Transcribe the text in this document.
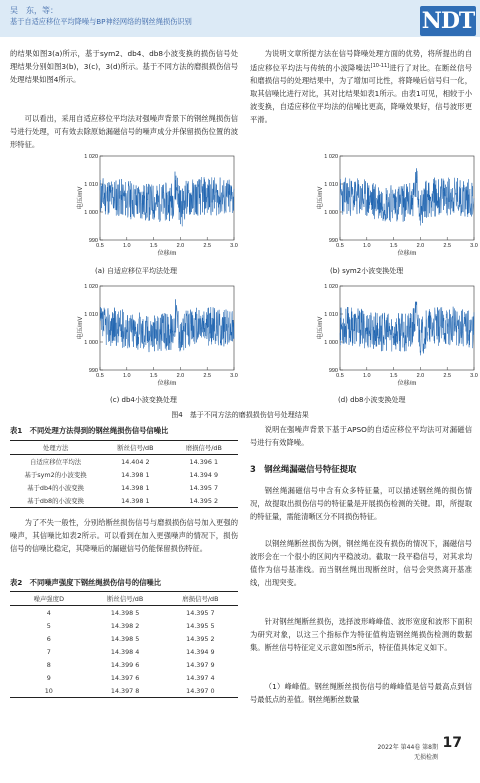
吴　东，等：
基于自适应移位平均降噪与BP神经网络的钢丝绳损伤识别	NDT
的结果如图3(a)所示，基于sym2、db4、db8小波变换的损伤信号处理结果分别如图3(b)，3(c)，3(d)所示。基于不同方法的磨损损伤信号处理结果如图4所示。
可以看出，采用自适应移位平均法对强噪声背景下的钢丝绳损伤信号进行处理，可有效去除原始漏磁信号的噪声成分并保留损伤位置的波形特征。
为说明文章所提方法在信号降噪处理方面的优势，将所提出的自适应移位平均法与传统的小波降噪法[10-11]进行了对比。在断丝信号和磨损信号的处理结果中，为了增加可比性，将降噪后信号归一化，取其信噪比进行对比，其对比结果如表1所示。由表1可见，相较于小波变换，自适应移位平均法的信噪比更高，降噪效果好，信号波形更平滑。
1 020
1 010
1 000
990
0.5	1.0	1.5	2.0	2.5	3.0
电压/mV
位移/m
1 020
1 010
1 000
990
0.5	1.0	1.5	2.0	2.5	3.0
电压/mV
位移/m
1 020
1 010
1 000
990
0.5	1.0	1.5	2.0	2.5	3.0
电压/mV
位移/m
1 020
1 010
1 000
990
0.5	1.0	1.5	2.0	2.5	3.0
电压/mV
位移/m
(a) 自适应移位平均法处理	(b) sym2小波变换处理
(c) db4小波变换处理	(d) db8小波变换处理
图4　基于不同方法的磨损损伤信号处理结果
表1　不同处理方法得到的钢丝绳损伤信号信噪比
处理方法	断丝信号/dB	磨损信号/dB
自适应移位平均法	14.404 2	14.396 1
基于sym2的小波变换	14.398 1	14.394 9
基于db4的小波变换	14.398 1	14.395 7
基于db8的小波变换	14.398 1	14.395 2
为了不失一般性，分别给断丝损伤信号与磨损损伤信号加入更强的噪声，其信噪比如表2所示。可以看到在加入更强噪声的情况下，损伤信号的信噪比稳定，其降噪后的漏磁信号仍能保留损伤特征。
表2　不同噪声强度下钢丝绳损伤信号的信噪比
噪声强度D	断丝信号/dB	磨损信号/dB
4	14.398 5	14.395 7
5	14.398 2	14.395 5
6	14.398 5	14.395 2
7	14.398 4	14.394 9
8	14.399 6	14.397 9
9	14.397 6	14.397 4
10	14.397 8	14.397 0
说明在强噪声背景下基于APSO的自适应移位平均法可对漏磁信号进行有效降噪。
3　钢丝绳漏磁信号特征提取
钢丝绳漏磁信号中含有众多特征量，可以描述钢丝绳的损伤情况，故提取出损伤信号的特征量是开展损伤检测的关键。即，所提取的特征量，需能清晰区分不同损伤特征。
以钢丝绳断丝损伤为例，钢丝绳在没有损伤的情况下，漏磁信号波形会在一个很小的区间内平稳波动。截取一段平稳信号，对其求均值作为信号基准线。而当钢丝绳出现断丝时，信号会突然离开基准线，出现突变。
针对钢丝绳断丝损伤，选择波形峰峰值、波形宽度和波形下面积为研究对象，以这三个指标作为特征值构造钢丝绳损伤检测的数据集。断丝信号特征定义示意如图5所示，特征值具体定义如下。
（1）峰峰值。钢丝绳断丝损伤信号的峰峰值是信号最高点到信号最低点的差值。钢丝绳断丝数量
2022年 第44卷 第8期
无损检测
17
